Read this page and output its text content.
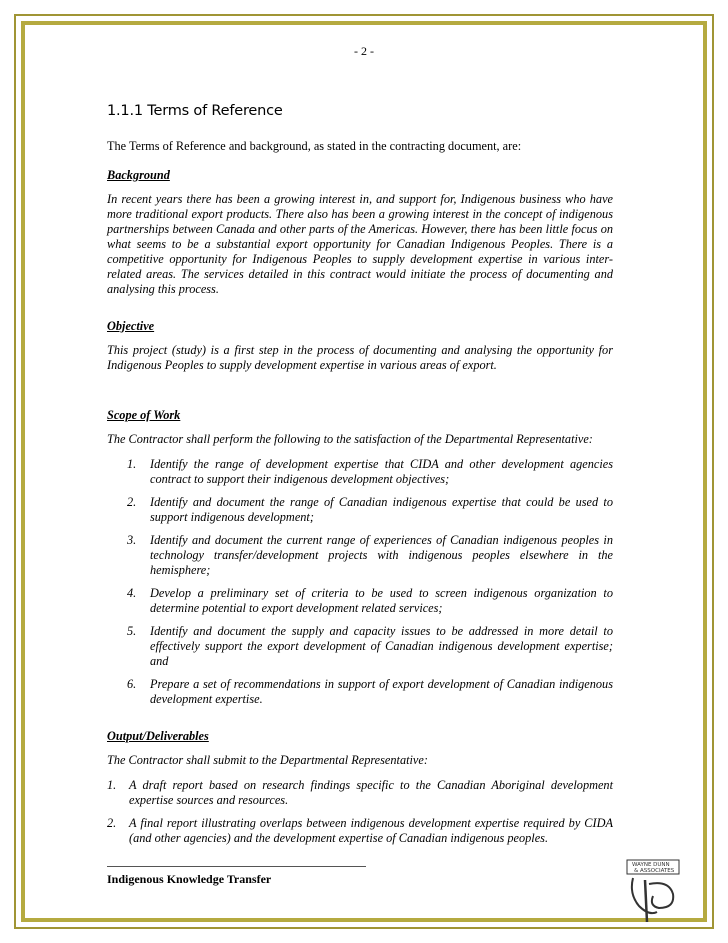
- 2 -
1.1.1 Terms of Reference

The Terms of Reference and background, as stated in the contracting document, are:

Background

In recent years there has been a growing interest in, and support for, Indigenous business who have more traditional export products. There also has been a growing interest in the concept of indigenous partnerships between Canada and other parts of the Americas. However, there has been little focus on what seems to be a substantial export opportunity for Canadian Indigenous Peoples. There is a competitive opportunity for Indigenous Peoples to supply development expertise in various inter-related areas. The services detailed in this contract would initiate the process of documenting and analysing this process.

Objective

This project (study) is a first step in the process of documenting and analysing the opportunity for Indigenous Peoples to supply development expertise in various areas of export.

Scope of Work

The Contractor shall perform the following to the satisfaction of the Departmental Representative:

1. Identify the range of development expertise that CIDA and other development agencies contract to support their indigenous development objectives;
2. Identify and document the range of Canadian indigenous expertise that could be used to support indigenous development;
3. Identify and document the current range of experiences of Canadian indigenous peoples in technology transfer/development projects with indigenous peoples elsewhere in the hemisphere;
4. Develop a preliminary set of criteria to be used to screen indigenous organization to determine potential to export development related services;
5. Identify and document the supply and capacity issues to be addressed in more detail to effectively support the export development of Canadian indigenous development expertise; and
6. Prepare a set of recommendations in support of export development of Canadian indigenous development expertise.

Output/Deliverables

The Contractor shall submit to the Departmental Representative:

1. A draft report based on research findings specific to the Canadian Aboriginal development expertise sources and resources.
2. A final report illustrating overlaps between indigenous development expertise required by CIDA (and other agencies) and the development expertise of Canadian indigenous peoples.
Indigenous Knowledge Transfer
WAYNE DUNN
& ASSOCIATES
